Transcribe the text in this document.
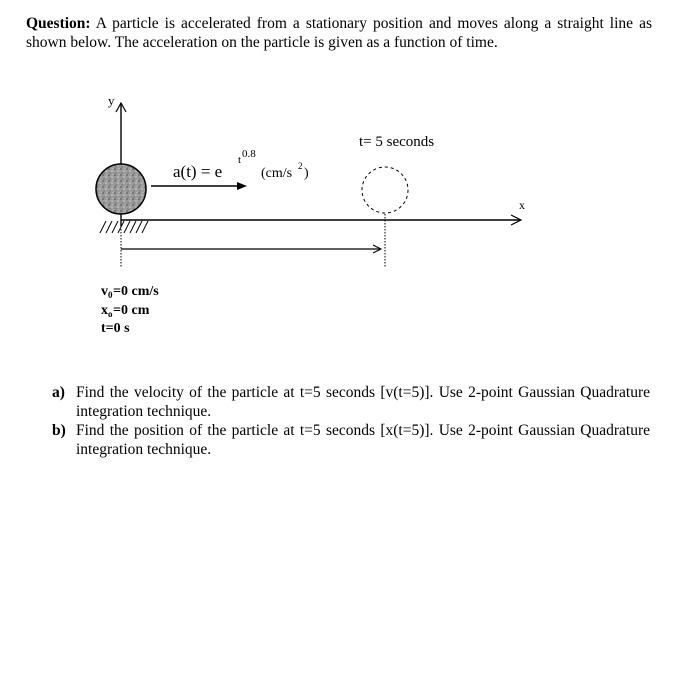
Question: A particle is accelerated from a stationary position and moves along a straight line as shown below. The acceleration on the particle is given as a function of time.
y
x
a(t) = e t 0.8 (cm/s 2 )
t= 5 seconds
v 0 =0 cm/s
x o =0 cm
t=0 s
a) Find the velocity of the particle at t=5 seconds [v(t=5)]. Use 2-point Gaussian Quadrature integration technique.
b) Find the position of the particle at t=5 seconds [x(t=5)]. Use 2-point Gaussian Quadrature integration technique.
